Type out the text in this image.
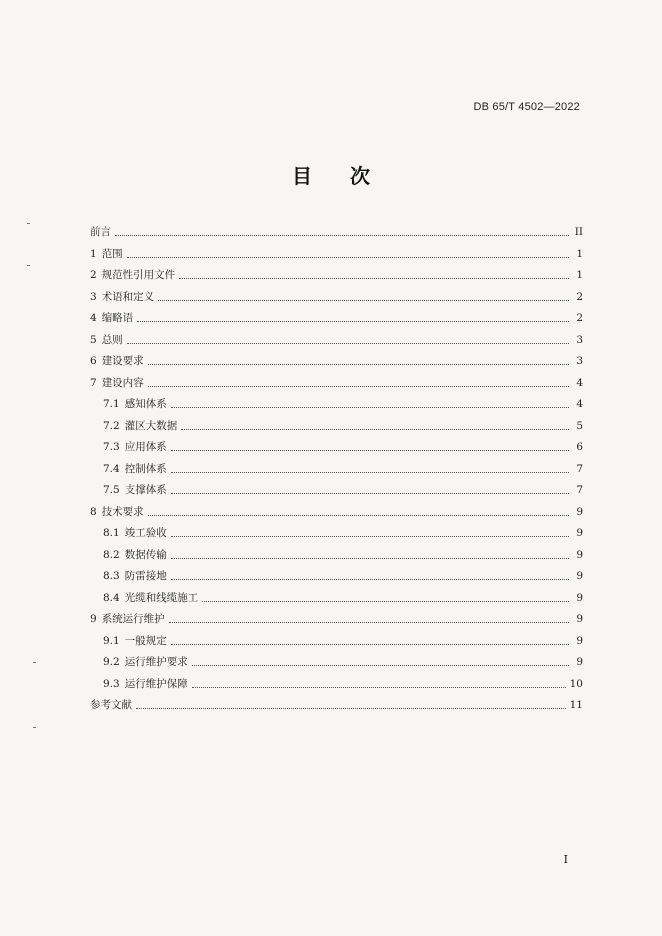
DB 65/T 4502—2022
目 次
前言	II
1 范围	1
2 规范性引用文件	1
3 术语和定义	2
4 缩略语	2
5 总则	3
6 建设要求	3
7 建设内容	4
7.1 感知体系	4
7.2 灌区大数据	5
7.3 应用体系	6
7.4 控制体系	7
7.5 支撑体系	7
8 技术要求	9
8.1 竣工验收	9
8.2 数据传输	9
8.3 防雷接地	9
8.4 光缆和线缆施工	9
9 系统运行维护	9
9.1 一般规定	9
9.2 运行维护要求	9
9.3 运行维护保障	10
参考文献	11
I
